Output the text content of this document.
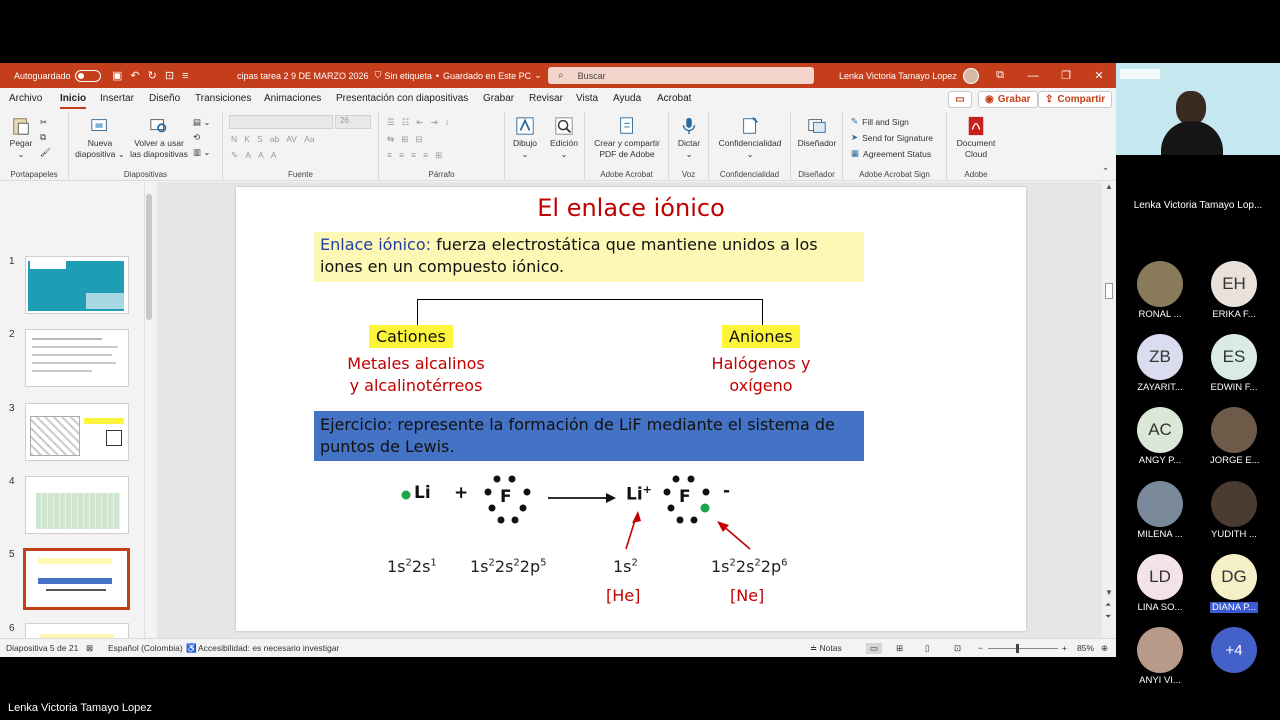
Autoguardado	▣ ↶ ↻ ⊡ ≡	cipas tarea 2 9 DE MARZO 2026 ⛉ Sin etiqueta • Guardado en Este PC ⌄ ⌕ Buscar	Lenka Victoria Tamayo Lopez	⧉	—	❐	✕
Archivo Inicio Insertar Diseño Transiciones Animaciones Presentación con diapositivas Grabar Revisar Vista Ayuda Acrobat	▭ ◉ Grabar ⇪ Compartir
Pegar
⌄
✂
⧉
🖌
Portapapeles
Nueva
diapositiva ⌄
Volver a usar
las diapositivas
▤ ⌄
⟲
▥ ⌄
Diapositivas
26
N   K   S   ab   AV   Aa
✎   A   A   A
Fuente
☰   ☷   ⇤   ⇥   ↕
⇆   ⊞   ⊟
≡   ≡   ≡   ≡   ⊞
Párrafo
Dibujo
⌄
Edición
⌄
Crear y compartir
PDF de Adobe
Adobe Acrobat
Dictar
⌄
Voz
Confidencialidad
⌄
Confidencialidad
Diseñador
Diseñador
✎ Fill and Sign
➤ Send for Signature
▦ Agreement Status
Adobe Acrobat Sign
Document
Cloud
Adobe	⌃
1
2
3
4
5
6
El enlace iónico
Enlace iónico: fuerza electrostática que mantiene unidos a los iones en un compuesto iónico.
Cationes
Metales alcalinos
y alcalinotérreos
Aniones
Halógenos y
oxígeno
Ejercicio: represente la formación de LiF mediante el sistema de puntos de Lewis.
Li + F	Li+ F -
$1s^22s^1$ $1s^22s^22p^5$	$1s^2$	$1s^22s^22p^6$
[He]	[Ne]
▲
▼
⏶
⏷
Diapositiva 5 de 21 ⊠ Español (Colombia) ♿ Accesibilidad: es necesario investigar	≐ Notas	▭	⊞	▯	⊡ −	+ 85% ⊕
Lenka Victoria Tamayo Lop...
RONAL ...
EH
ERIKA F...
ZB
ZAYARIT...
ES
EDWIN F...
AC
ANGY P...	JORGE E...
MILENA ...	YUDITH ...
LD
LINA SO...
DG
DIANA P...
ANYI VI...
+4
Lenka Victoria Tamayo Lopez
